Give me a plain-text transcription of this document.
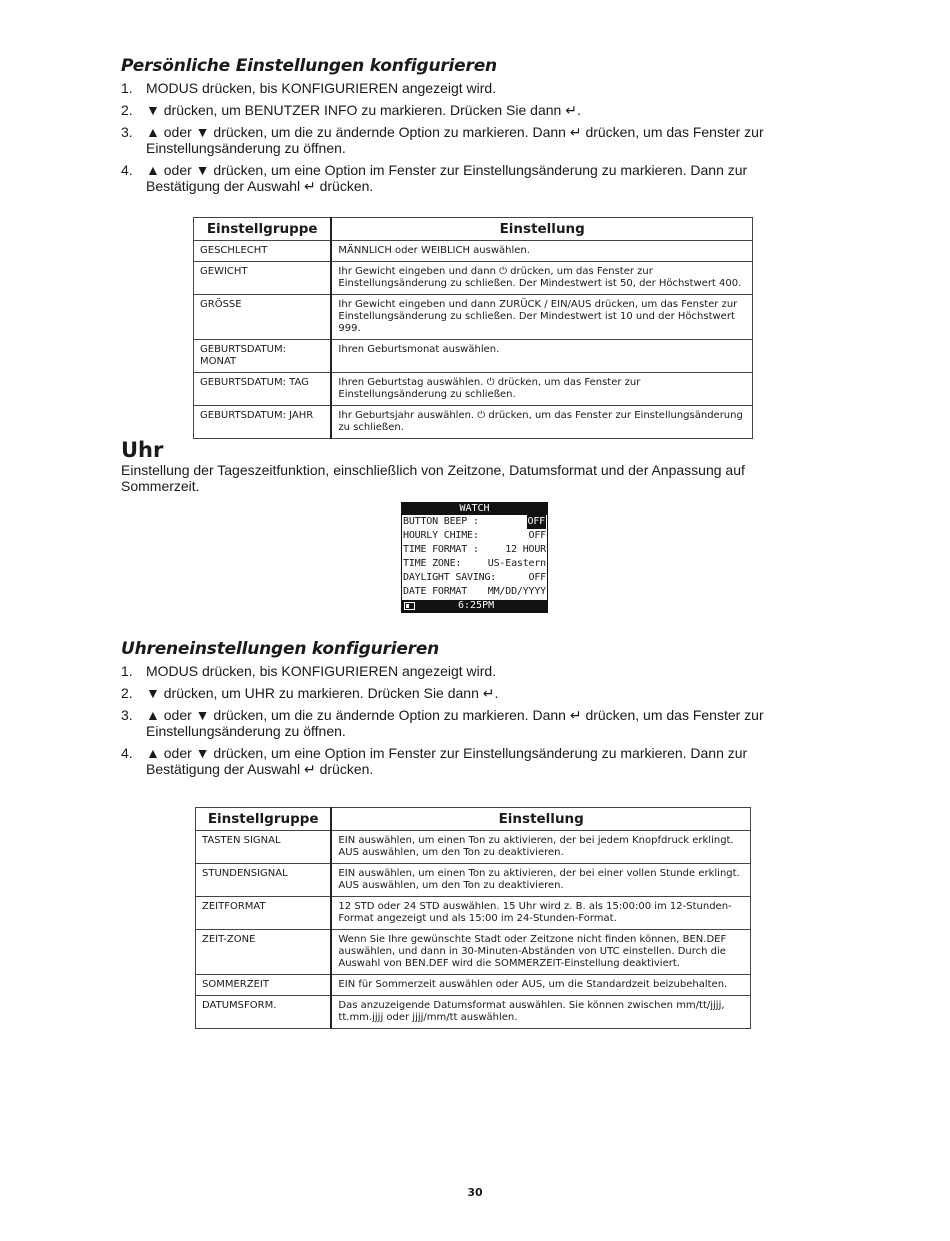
Persönliche Einstellungen konfigurieren
1. MODUS drücken, bis KONFIGURIEREN angezeigt wird.
2. ▼ drücken, um BENUTZER INFO zu markieren. Drücken Sie dann ↵.
3. ▲ oder ▼ drücken, um die zu ändernde Option zu markieren. Dann ↵ drücken, um das Fenster zur Einstellungsänderung zu öffnen.
4. ▲ oder ▼ drücken, um eine Option im Fenster zur Einstellungsänderung zu markieren. Dann zur Bestätigung der Auswahl ↵ drücken.
Einstellgruppe	Einstellung
GESCHLECHT	MÄNNLICH oder WEIBLICH auswählen.
GEWICHT	Ihr Gewicht eingeben und dann ⏻ drücken, um das Fenster zur Einstellungsänderung zu schließen. Der Mindestwert ist 50, der Höchstwert 400.
GRÖSSE	Ihr Gewicht eingeben und dann ZURÜCK / EIN/AUS drücken, um das Fenster zur Einstellungsänderung zu schließen. Der Mindestwert ist 10 und der Höchstwert 999.
GEBURTSDATUM: MONAT	Ihren Geburtsmonat auswählen.
GEBURTSDATUM: TAG	Ihren Geburtstag auswählen. ⏻ drücken, um das Fenster zur Einstellungsänderung zu schließen.
GEBURTSDATUM: JAHR	Ihr Geburtsjahr auswählen. ⏻ drücken, um das Fenster zur Einstellungsänderung zu schließen.
Uhr

Einstellung der Tageszeitfunktion, einschließlich von Zeitzone, Datumsformat und der Anpassung auf Sommerzeit.

WATCH
BUTTON BEEP :	OFF
HOURLY CHIME:	OFF
TIME FORMAT :	12 HOUR
TIME ZONE:	US-Eastern
DAYLIGHT SAVING:	OFF
DATE FORMAT MM/DD/YYYY
6:25PM
Uhreneinstellungen konfigurieren
1. MODUS drücken, bis KONFIGURIEREN angezeigt wird.
2. ▼ drücken, um UHR zu markieren. Drücken Sie dann ↵.
3. ▲ oder ▼ drücken, um die zu ändernde Option zu markieren. Dann ↵ drücken, um das Fenster zur Einstellungsänderung zu öffnen.
4. ▲ oder ▼ drücken, um eine Option im Fenster zur Einstellungsänderung zu markieren. Dann zur Bestätigung der Auswahl ↵ drücken.
Einstellgruppe	Einstellung
TASTEN SIGNAL	EIN auswählen, um einen Ton zu aktivieren, der bei jedem Knopfdruck erklingt. AUS auswählen, um den Ton zu deaktivieren.
STUNDENSIGNAL	EIN auswählen, um einen Ton zu aktivieren, der bei einer vollen Stunde erklingt. AUS auswählen, um den Ton zu deaktivieren.
ZEITFORMAT	12 STD oder 24 STD auswählen. 15 Uhr wird z. B. als 15:00:00 im 12-Stunden-Format angezeigt und als 15:00 im 24-Stunden-Format.
ZEIT-ZONE	Wenn Sie Ihre gewünschte Stadt oder Zeitzone nicht finden können, BEN.DEF auswählen, und dann in 30-Minuten-Abständen von UTC einstellen. Durch die Auswahl von BEN.DEF wird die SOMMERZEIT-Einstellung deaktiviert.
SOMMERZEIT	EIN für Sommerzeit auswählen oder AUS, um die Standardzeit beizubehalten.
DATUMSFORM.	Das anzuzeigende Datumsformat auswählen. Sie können zwischen mm/tt/jjjj, tt.mm.jjjj oder jjjj/mm/tt auswählen.
30
